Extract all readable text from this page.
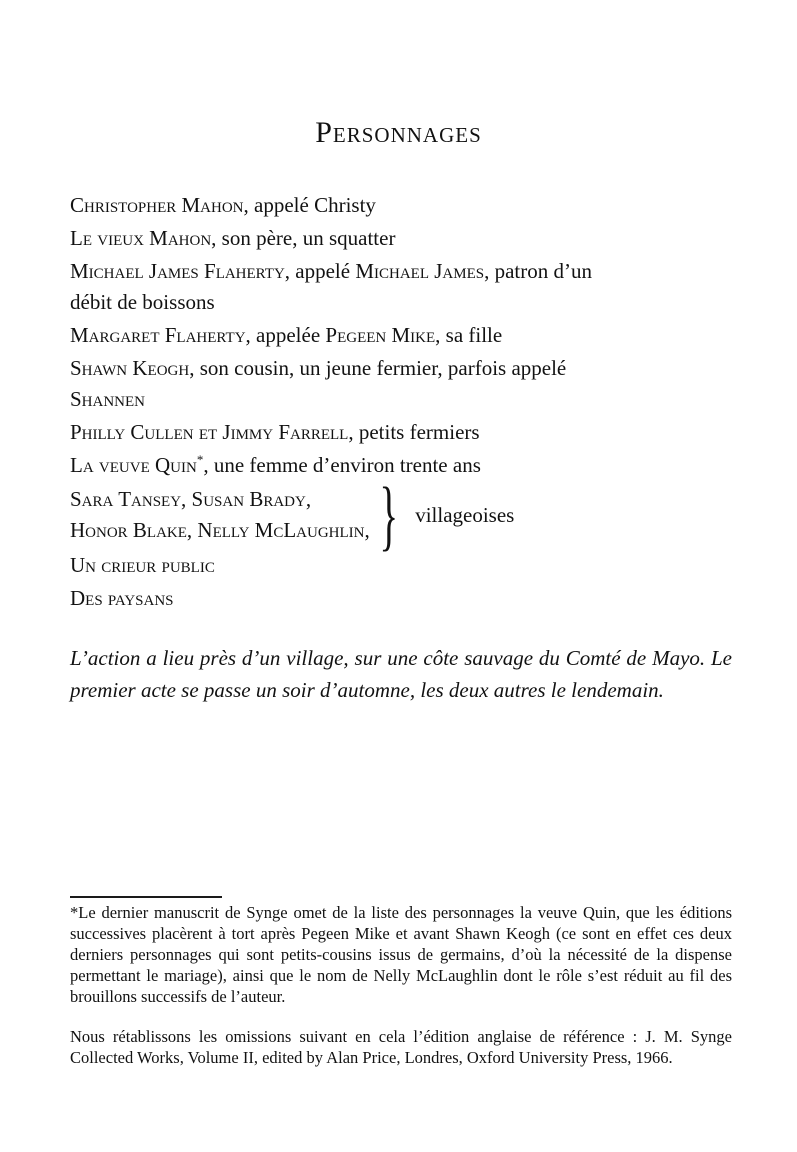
Personnages
Christopher Mahon, appelé Christy
Le vieux Mahon, son père, un squatter
Michael James Flaherty, appelé Michael James, patron d’un
débit de boissons
Margaret Flaherty, appelée Pegeen Mike, sa fille
Shawn Keogh, son cousin, un jeune fermier, parfois appelé
Shannen
Philly Cullen et Jimmy Farrell, petits fermiers
La veuve Quin*, une femme d’environ trente ans
Sara Tansey, Susan Brady,
Honor Blake, Nelly McLaughlin, } villageoises
Un crieur public
Des paysans
L’action a lieu près d’un village, sur une côte sauvage du Comté de Mayo. Le premier acte se passe un soir d’automne, les deux autres le lendemain.
*Le dernier manuscrit de Synge omet de la liste des personnages la veuve Quin, que les éditions successives placèrent à tort après Pegeen Mike et avant Shawn Keogh (ce sont en effet ces deux derniers personnages qui sont petits-cousins issus de germains, d’où la nécessité de la dispense permettant le mariage), ainsi que le nom de Nelly McLaughlin dont le rôle s’est réduit au fil des brouillons successifs de l’auteur.
Nous rétablissons les omissions suivant en cela l’édition anglaise de référence : J. M. Synge Collected Works, Volume II, edited by Alan Price, Londres, Oxford University Press, 1966.
